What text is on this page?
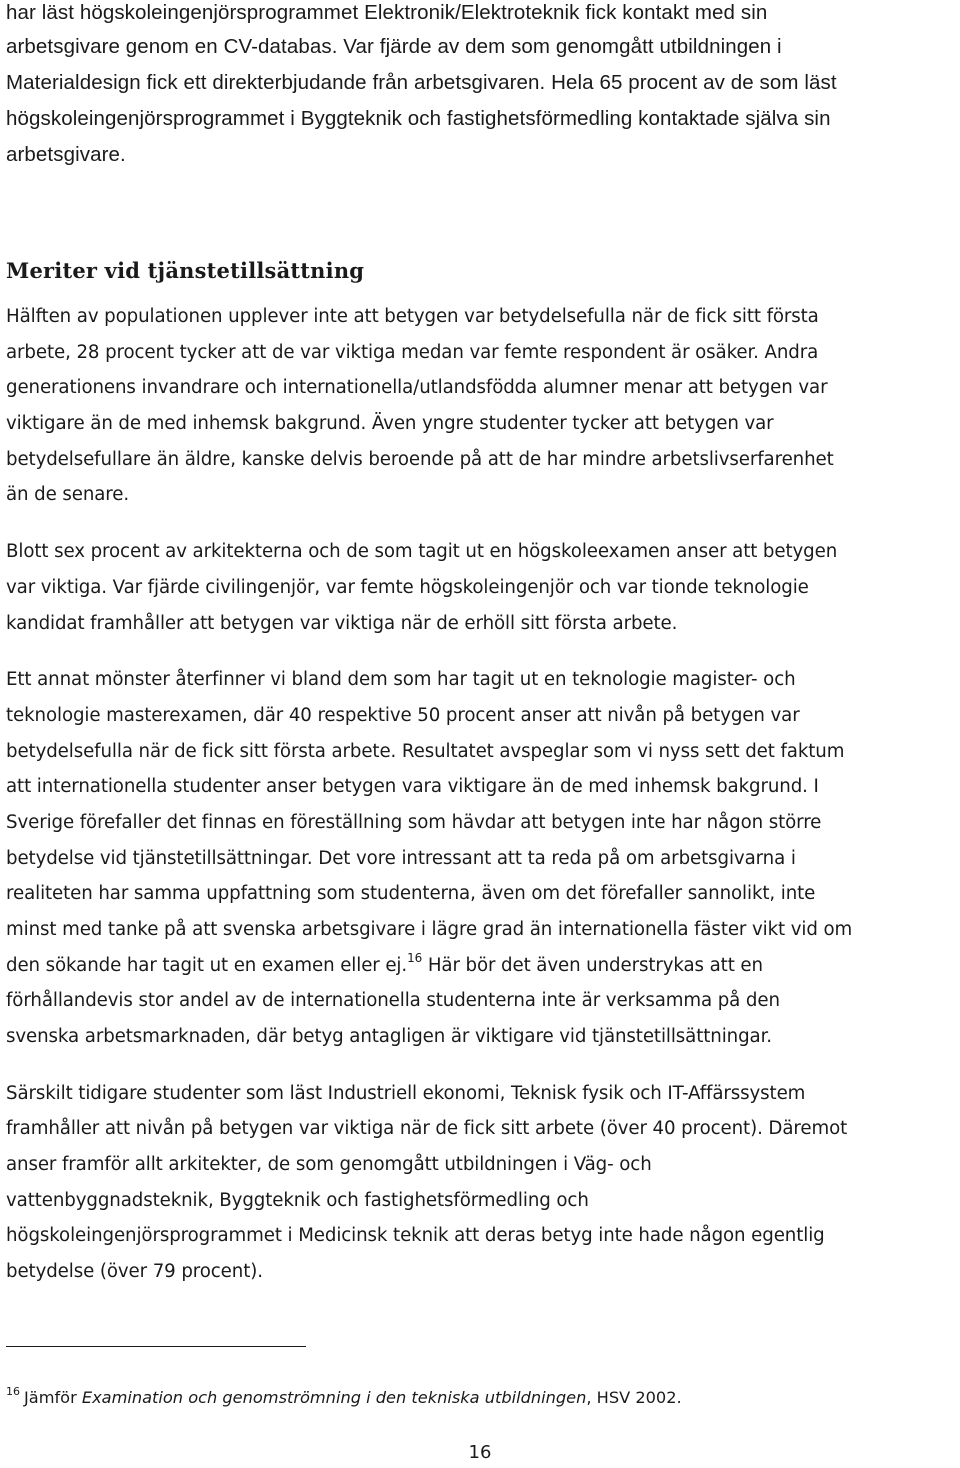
har läst högskoleingenjörsprogrammet Elektronik/Elektroteknik fick kontakt med sin
arbetsgivare genom en CV-databas. Var fjärde av dem som genomgått utbildningen i
Materialdesign fick ett direkterbjudande från arbetsgivaren. Hela 65 procent av de som läst
högskoleingenjörsprogrammet i Byggteknik och fastighetsförmedling kontaktade själva sin
arbetsgivare.
Meriter vid tjänstetillsättning
Hälften av populationen upplever inte att betygen var betydelsefulla när de fick sitt första
arbete, 28 procent tycker att de var viktiga medan var femte respondent är osäker. Andra
generationens invandrare och internationella/utlandsfödda alumner menar att betygen var
viktigare än de med inhemsk bakgrund. Även yngre studenter tycker att betygen var
betydelsefullare än äldre, kanske delvis beroende på att de har mindre arbetslivserfarenhet
än de senare.
Blott sex procent av arkitekterna och de som tagit ut en högskoleexamen anser att betygen
var viktiga. Var fjärde civilingenjör, var femte högskoleingenjör och var tionde teknologie
kandidat framhåller att betygen var viktiga när de erhöll sitt första arbete.
Ett annat mönster återfinner vi bland dem som har tagit ut en teknologie magister- och
teknologie masterexamen, där 40 respektive 50 procent anser att nivån på betygen var
betydelsefulla när de fick sitt första arbete. Resultatet avspeglar som vi nyss sett det faktum
att internationella studenter anser betygen vara viktigare än de med inhemsk bakgrund. I
Sverige förefaller det finnas en föreställning som hävdar att betygen inte har någon större
betydelse vid tjänstetillsättningar. Det vore intressant att ta reda på om arbetsgivarna i
realiteten har samma uppfattning som studenterna, även om det förefaller sannolikt, inte
minst med tanke på att svenska arbetsgivare i lägre grad än internationella fäster vikt vid om
den sökande har tagit ut en examen eller ej.$^{16}$ Här bör det även understrykas att en
förhållandevis stor andel av de internationella studenterna inte är verksamma på den
svenska arbetsmarknaden, där betyg antagligen är viktigare vid tjänstetillsättningar.
Särskilt tidigare studenter som läst Industriell ekonomi, Teknisk fysik och IT-Affärssystem
framhåller att nivån på betygen var viktiga när de fick sitt arbete (över 40 procent). Däremot
anser framför allt arkitekter, de som genomgått utbildningen i Väg- och
vattenbyggnadsteknik, Byggteknik och fastighetsförmedling och
högskoleingenjörsprogrammet i Medicinsk teknik att deras betyg inte hade någon egentlig
betydelse (över 79 procent).
$^{16}$ Jämför Examination och genomströmning i den tekniska utbildningen, HSV 2002.
16
